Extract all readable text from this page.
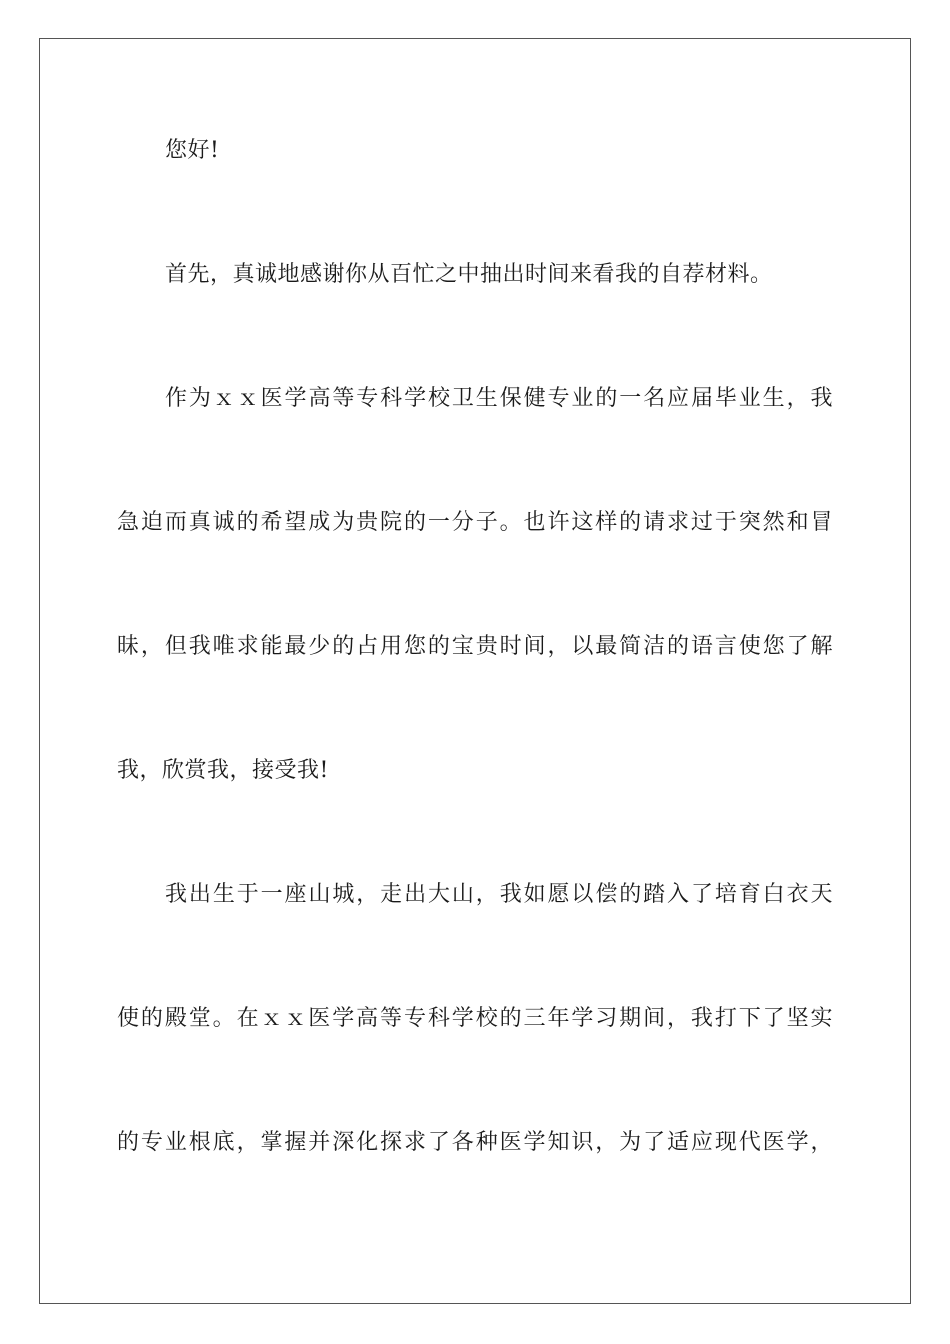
您好!
首先，真诚地感谢你从百忙之中抽出时间来看我的自荐材料。
作为ｘｘ医学高等专科学校卫生保健专业的一名应届毕业生，我
急迫而真诚的希望成为贵院的一分子。也许这样的请求过于突然和冒
昧，但我唯求能最少的占用您的宝贵时间，以最简洁的语言使您了解
我，欣赏我，接受我!
我出生于一座山城，走出大山，我如愿以偿的踏入了培育白衣天
使的殿堂。在ｘｘ医学高等专科学校的三年学习期间，我打下了坚实
的专业根底，掌握并深化探求了各种医学知识，为了适应现代医学，
